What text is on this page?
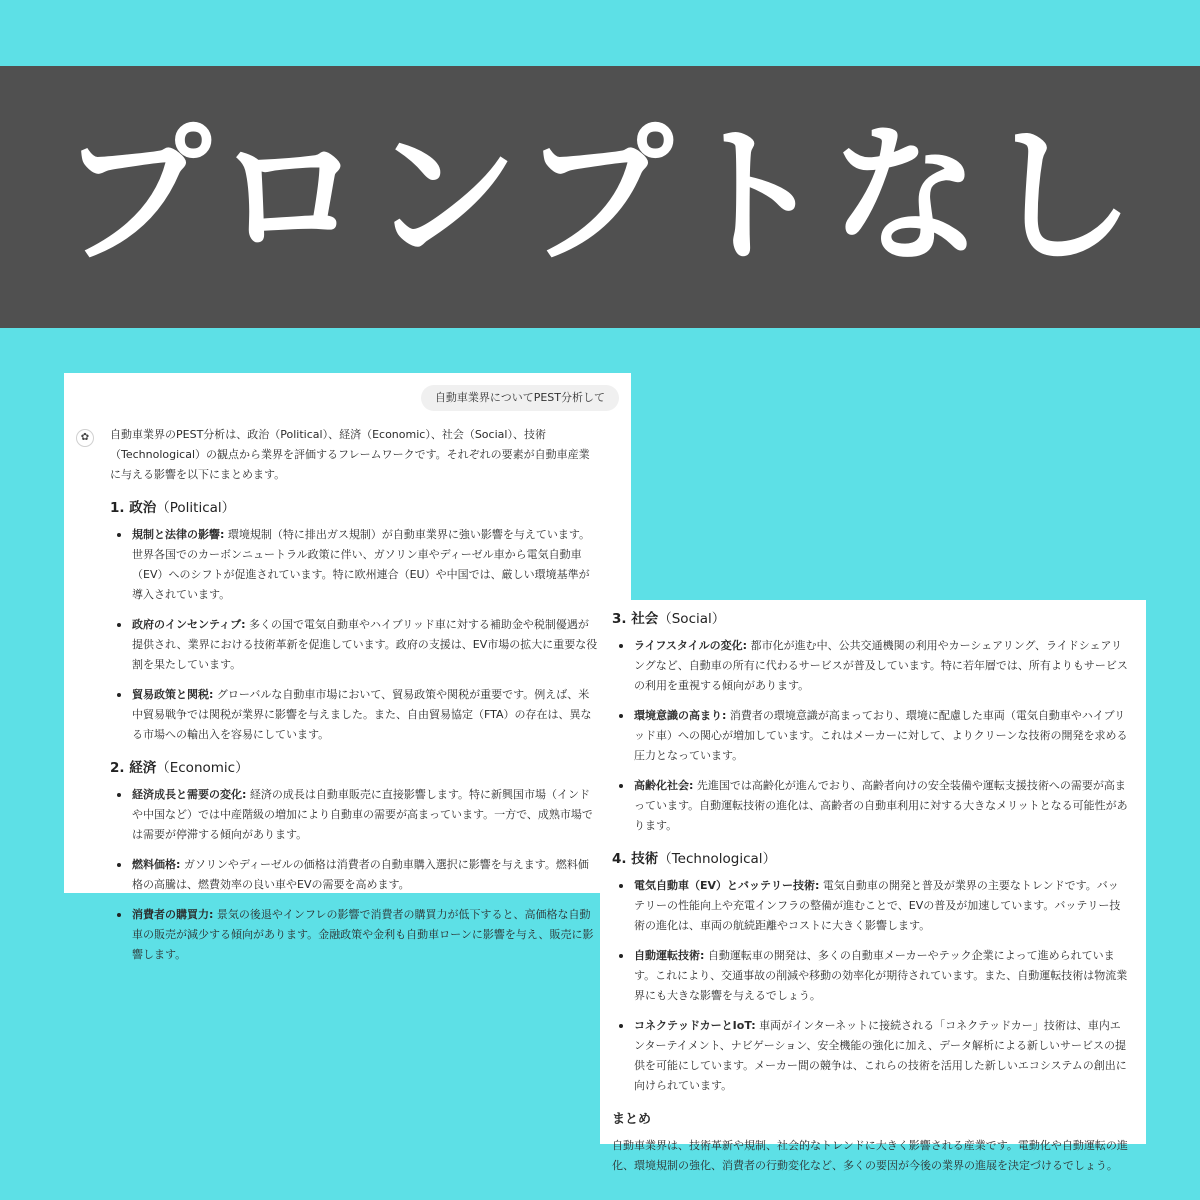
プロンプトなし
自動車業界についてPEST分析して
✿	自動車業界のPEST分析は、政治（Political）、経済（Economic）、社会（Social）、技術（Technological）の観点から業界を評価するフレームワークです。それぞれの要素が自動車産業に与える影響を以下にまとめます。

1. 政治（Political）
規制と法律の影響: 環境規制（特に排出ガス規制）が自動車業界に強い影響を与えています。世界各国でのカーボンニュートラル政策に伴い、ガソリン車やディーゼル車から電気自動車（EV）へのシフトが促進されています。特に欧州連合（EU）や中国では、厳しい環境基準が導入されています。
政府のインセンティブ: 多くの国で電気自動車やハイブリッド車に対する補助金や税制優遇が提供され、業界における技術革新を促進しています。政府の支援は、EV市場の拡大に重要な役割を果たしています。
貿易政策と関税: グローバルな自動車市場において、貿易政策や関税が重要です。例えば、米中貿易戦争では関税が業界に影響を与えました。また、自由貿易協定（FTA）の存在は、異なる市場への輸出入を容易にしています。
2. 経済（Economic）
経済成長と需要の変化: 経済の成長は自動車販売に直接影響します。特に新興国市場（インドや中国など）では中産階級の増加により自動車の需要が高まっています。一方で、成熟市場では需要が停滞する傾向があります。
燃料価格: ガソリンやディーゼルの価格は消費者の自動車購入選択に影響を与えます。燃料価格の高騰は、燃費効率の良い車やEVの需要を高めます。
消費者の購買力: 景気の後退やインフレの影響で消費者の購買力が低下すると、高価格な自動車の販売が減少する傾向があります。金融政策や金利も自動車ローンに影響を与え、販売に影響します。
3. 社会（Social）
ライフスタイルの変化: 都市化が進む中、公共交通機関の利用やカーシェアリング、ライドシェアリングなど、自動車の所有に代わるサービスが普及しています。特に若年層では、所有よりもサービスの利用を重視する傾向があります。
環境意識の高まり: 消費者の環境意識が高まっており、環境に配慮した車両（電気自動車やハイブリッド車）への関心が増加しています。これはメーカーに対して、よりクリーンな技術の開発を求める圧力となっています。
高齢化社会: 先進国では高齢化が進んでおり、高齢者向けの安全装備や運転支援技術への需要が高まっています。自動運転技術の進化は、高齢者の自動車利用に対する大きなメリットとなる可能性があります。
4. 技術（Technological）
電気自動車（EV）とバッテリー技術: 電気自動車の開発と普及が業界の主要なトレンドです。バッテリーの性能向上や充電インフラの整備が進むことで、EVの普及が加速しています。バッテリー技術の進化は、車両の航続距離やコストに大きく影響します。
自動運転技術: 自動運転車の開発は、多くの自動車メーカーやテック企業によって進められています。これにより、交通事故の削減や移動の効率化が期待されています。また、自動運転技術は物流業界にも大きな影響を与えるでしょう。
コネクテッドカーとIoT: 車両がインターネットに接続される「コネクテッドカー」技術は、車内エンターテイメント、ナビゲーション、安全機能の強化に加え、データ解析による新しいサービスの提供を可能にしています。メーカー間の競争は、これらの技術を活用した新しいエコシステムの創出に向けられています。
まとめ

自動車業界は、技術革新や規制、社会的なトレンドに大きく影響される産業です。電動化や自動運転の進化、環境規制の強化、消費者の行動変化など、多くの要因が今後の業界の進展を決定づけるでしょう。
